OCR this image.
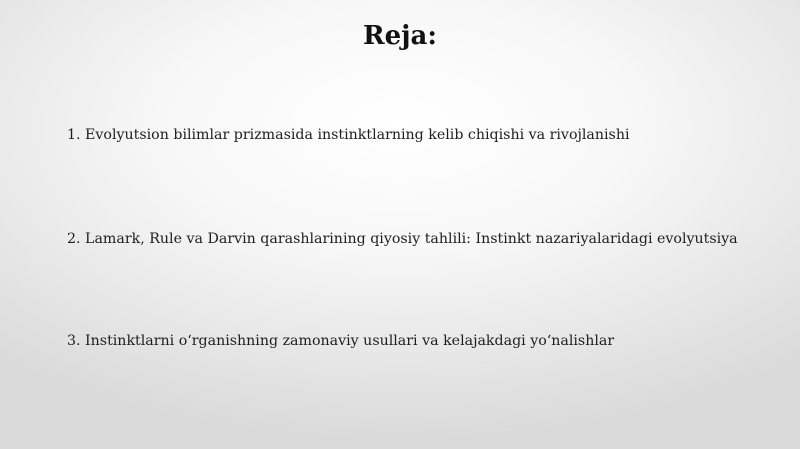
Reja:
1. Evolyutsion bilimlar prizmasida instinktlarning kelib chiqishi va rivojlanishi
2. Lamark, Rule va Darvin qarashlarining qiyosiy tahlili: Instinkt nazariyalaridagi evolyutsiya
3. Instinktlarni o‘rganishning zamonaviy usullari va kelajakdagi yo‘nalishlar
